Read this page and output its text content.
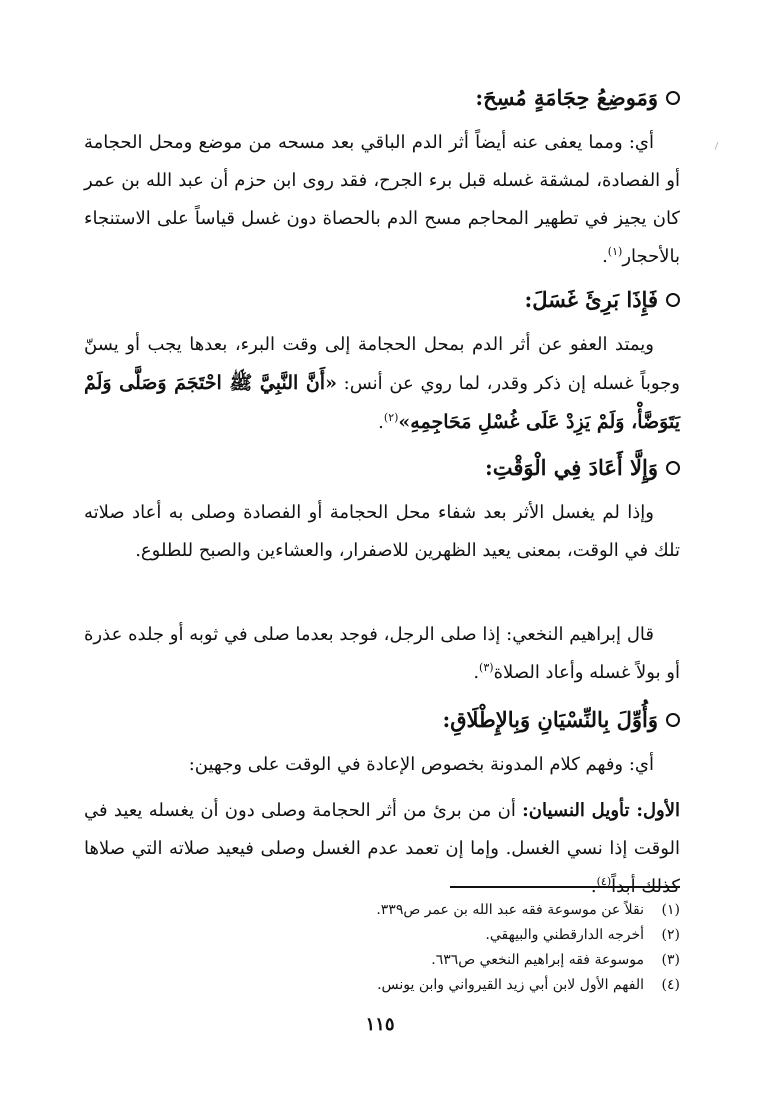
وَمَوضِعُ حِجَامَةٍ مُسِحَ:

أي: ومما يعفى عنه أيضاً أثر الدم الباقي بعد مسحه من موضع ومحل الحجامة أو الفصادة، لمشقة غسله قبل برء الجرح، فقد روى ابن حزم أن عبد الله بن عمر كان يجيز في تطهير المحاجم مسح الدم بالحصاة دون غسل قياساً على الاستنجاء بالأحجار$^{(١)}$.

فَإِذَا بَرِئَ غَسَلَ:

ويمتد العفو عن أثر الدم بمحل الحجامة إلى وقت البرء، بعدها يجب أو يسنّ وجوباً غسله إن ذكر وقدر، لما روي عن أنس: «أَنَّ النَّبِيَّ ﷺ احْتَجَمَ وَصَلَّى وَلَمْ يَتَوَضَّأْ، وَلَمْ يَزِدْ عَلَى غُسْلِ مَحَاجِمِهِ»$^{(٢)}$.

وَإِلَّا أَعَادَ فِي الْوَقْتِ:

وإذا لم يغسل الأثر بعد شفاء محل الحجامة أو الفصادة وصلى به أعاد صلاته تلك في الوقت، بمعنى يعيد الظهرين للاصفرار، والعشاءين والصبح للطلوع.

قال إبراهيم النخعي: إذا صلى الرجل، فوجد بعدما صلى في ثوبه أو جلده عذرة أو بولاً غسله وأعاد الصلاة$^{(٣)}$.

وَأُوِّلَ بِالنِّسْيَانِ وَبِالإِطْلَاقِ:

أي: وفهم كلام المدونة بخصوص الإعادة في الوقت على وجهين:

الأول: تأويل النسيان: أن من برئ من أثر الحجامة وصلى دون أن يغسله يعيد في الوقت إذا نسي الغسل. وإما إن تعمد عدم الغسل وصلى فيعيد صلاته التي صلاها كذلك أبداً$^{(٤)}$.

(١)نقلاً عن موسوعة فقه عبد الله بن عمر ص٣٣٩.
(٢)أخرجه الدارقطني والبيهقي.
(٣)موسوعة فقه إبراهيم النخعي ص٦٣٦.
(٤)الفهم الأول لابن أبي زيد القيرواني وابن يونس.
١١٥
